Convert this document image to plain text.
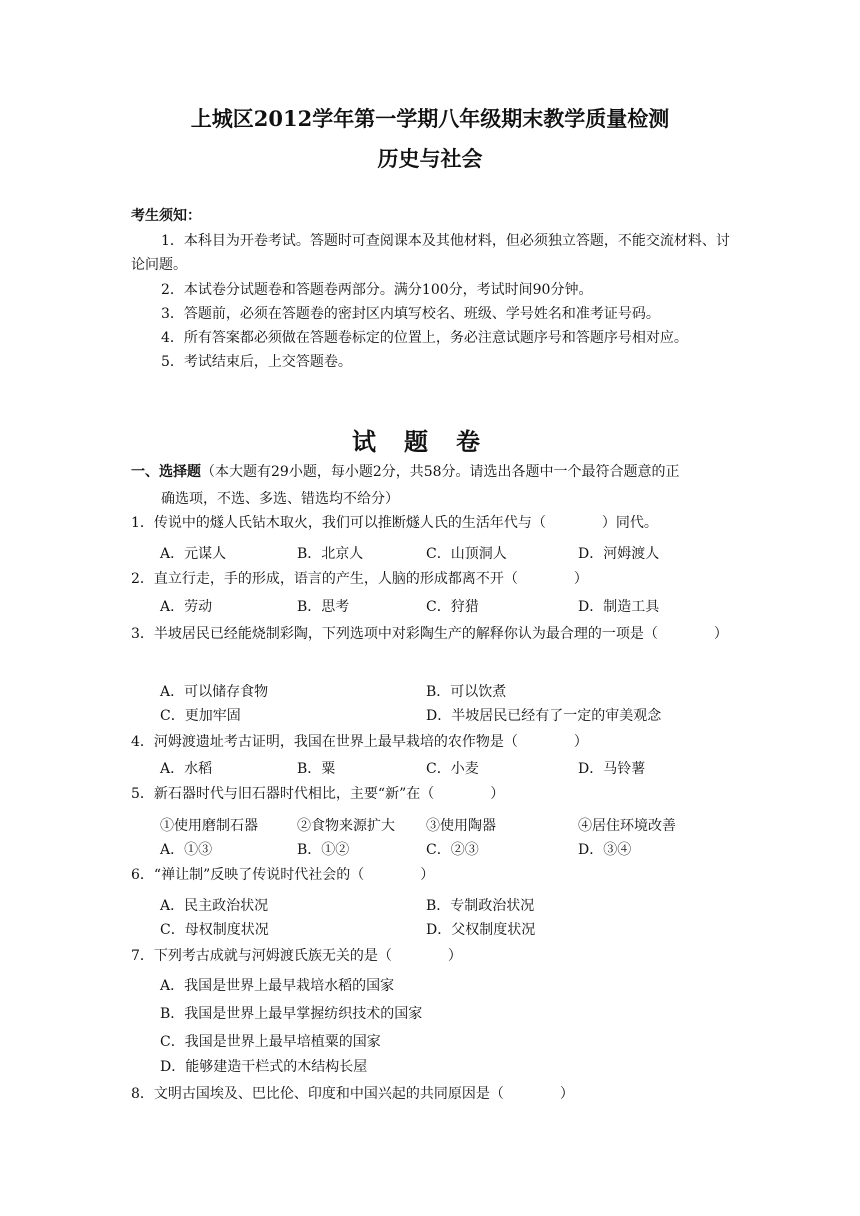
上城区2012学年第一学期八年级期末教学质量检测
历史与社会
考生须知：
1．本科目为开卷考试。答题时可查阅课本及其他材料，但必须独立答题，不能交流材料、讨论问题。
2．本试卷分试题卷和答题卷两部分。满分100分，考试时间90分钟。
3．答题前，必须在答题卷的密封区内填写校名、班级、学号姓名和准考证号码。
4．所有答案都必须做在答题卷标定的位置上，务必注意试题序号和答题序号相对应。
5．考试结束后，上交答题卷。
试题卷
一、选择题（本大题有29小题，每小题2分，共58分。请选出各题中一个最符合题意的正
确选项，不选、多选、错选均不给分）
1．传说中的燧人氏钻木取火，我们可以推断燧人氏的生活年代与（　　　　）同代。
A．元谋人	B．北京人	C．山顶洞人	D．河姆渡人
2．直立行走，手的形成，语言的产生，人脑的形成都离不开（　　　　）
A．劳动	B．思考	C．狩猎	D．制造工具
3．半坡居民已经能烧制彩陶，下列选项中对彩陶生产的解释你认为最合理的一项是（　　　　）
A．可以储存食物	B．可以饮煮
C．更加牢固	D．半坡居民已经有了一定的审美观念
4．河姆渡遗址考古证明，我国在世界上最早栽培的农作物是（　　　　）
A．水稻	B．粟	C．小麦	D．马铃薯
5．新石器时代与旧石器时代相比，主要“新”在（　　　　）
①使用磨制石器	②食物来源扩大 ③使用陶器	④居住环境改善
A．①③	B．①②	C．②③	D．③④
6．“禅让制”反映了传说时代社会的（　　　　）
A．民主政治状况	B．专制政治状况
C．母权制度状况	D．父权制度状况
7．下列考古成就与河姆渡氏族无关的是（　　　　）
A．我国是世界上最早栽培水稻的国家
B．我国是世界上最早掌握纺织技术的国家
C．我国是世界上最早培植粟的国家
D．能够建造干栏式的木结构长屋
8．文明古国埃及、巴比伦、印度和中国兴起的共同原因是（　　　　）
